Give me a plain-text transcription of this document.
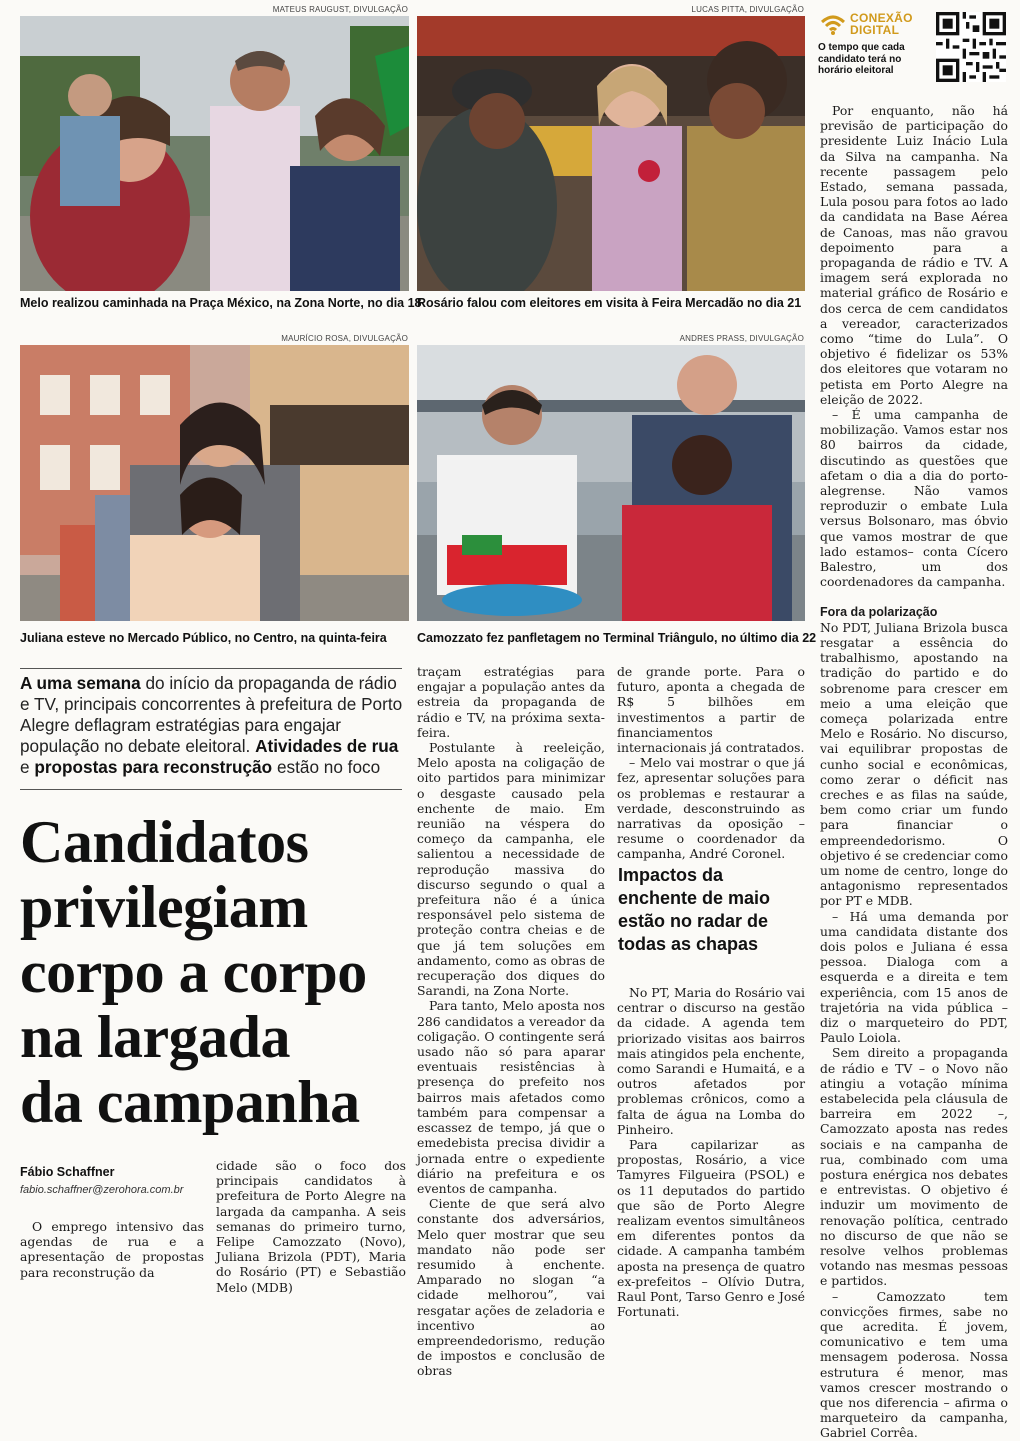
MATEUS RAUGUST, DIVULGAÇÃO
Melo realizou caminhada na Praça México, na Zona Norte, no dia 18
LUCAS PITTA, DIVULGAÇÃO
Rosário falou com eleitores em visita à Feira Mercadão no dia 21
MAURÍCIO ROSA, DIVULGAÇÃO
Juliana esteve no Mercado Público, no Centro, na quinta-feira
ANDRES PRASS, DIVULGAÇÃO
Camozzato fez panfletagem no Terminal Triângulo, no último dia 22
CONEXÃO
DIGITAL
O tempo que cada candidato terá no horário eleitoral

Por enquanto, não há previsão de participação do presidente Luiz Inácio Lula da Silva na campanha. Na recente passagem pelo Estado, semana passada, Lula posou para fotos ao lado da candidata na Base Aérea de Canoas, mas não gravou depoimento para a propaganda de rádio e TV. A imagem será explorada no material gráfico de Rosário e dos cerca de cem candidatos a vereador, caracterizados como “time do Lula”. O objetivo é fidelizar os 53% dos eleitores que votaram no petista em Porto Alegre na eleição de 2022.

– É uma campanha de mobilização. Vamos estar nos 80 bairros da cidade, discutindo as questões que afetam o dia a dia do porto-alegrense. Não vamos reproduzir o embate Lula versus Bolsonaro, mas óbvio que vamos mostrar de que lado estamos– conta Cícero Balestro, um dos coordenadores da campanha.

Fora da polarização

No PDT, Juliana Brizola busca resgatar a essência do trabalhismo, apostando na tradição do partido e do sobrenome para crescer em meio a uma eleição que começa polarizada entre Melo e Rosário. No discurso, vai equilibrar propostas de cunho social e econômicas, como zerar o déficit nas creches e as filas na saúde, bem como criar um fundo para financiar o empreendedorismo. O objetivo é se credenciar como um nome de centro, longe do antagonismo representados por PT e MDB.

– Há uma demanda por uma candidata distante dos dois polos e Juliana é essa pessoa. Dialoga com a esquerda e a direita e tem experiência, com 15 anos de trajetória na vida pública – diz o marqueteiro do PDT, Paulo Loiola.

Sem direito a propaganda de rádio e TV – o Novo não atingiu a votação mínima estabelecida pela cláusula de barreira em 2022 –, Camozzato aposta nas redes sociais e na campanha de rua, combinado com uma postura enérgica nos debates e entrevistas. O objetivo é induzir um movimento de renovação política, centrado no discurso de que não se resolve velhos problemas votando nas mesmas pessoas e partidos.

– Camozzato tem convicções firmes, sabe no que acredita. É jovem, comunicativo e tem uma mensagem poderosa. Nossa estrutura é menor, mas vamos crescer mostrando o que nos diferencia – afirma o marqueteiro da campanha, Gabriel Corrêa.

A uma semana do início da propaganda de rádio e TV, principais concorrentes à prefeitura de Porto Alegre deflagram estratégias para engajar população no debate eleitoral. Atividades de rua e propostas para reconstrução estão no foco
Candidatos
privilegiam
corpo a corpo
na largada
da campanha
Fábio Schaffner
fabio.schaffner@zerohora.com.br

O emprego intensivo das agendas de rua e a apresentação de propostas para reconstrução da

cidade são o foco dos principais candidatos à prefeitura de Porto Alegre na largada da campanha. A seis semanas do primeiro turno, Felipe Camozzato (Novo), Juliana Brizola (PDT), Maria do Rosário (PT) e Sebastião Melo (MDB)

traçam estratégias para engajar a população antes da estreia da propaganda de rádio e TV, na próxima sexta-feira.

Postulante à reeleição, Melo aposta na coligação de oito partidos para minimizar o desgaste causado pela enchente de maio. Em reunião na véspera do começo da campanha, ele salientou a necessidade de reprodução massiva do discurso segundo o qual a prefeitura não é a única responsável pelo sistema de proteção contra cheias e de que já tem soluções em andamento, como as obras de recuperação dos diques do Sarandi, na Zona Norte.

Para tanto, Melo aposta nos 286 candidatos a vereador da coligação. O contingente será usado não só para aparar eventuais resistências à presença do prefeito nos bairros mais afetados como também para compensar a escassez de tempo, já que o emedebista precisa dividir a jornada entre o expediente diário na prefeitura e os eventos de campanha.

Ciente de que será alvo constante dos adversários, Melo quer mostrar que seu mandato não pode ser resumido à enchente. Amparado no slogan “a cidade melhorou”, vai resgatar ações de zeladoria e incentivo ao empreendedorismo, redução de impostos e conclusão de obras

de grande porte. Para o futuro, aponta a chegada de R$ 5 bilhões em investimentos a partir de financiamentos internacionais já contratados.

– Melo vai mostrar o que já fez, apresentar soluções para os problemas e restaurar a verdade, desconstruindo as narrativas da oposição – resume o coordenador da campanha, André Coronel.

Impactos da enchente de maio estão no radar de todas as chapas

No PT, Maria do Rosário vai centrar o discurso na gestão da cidade. A agenda tem priorizado visitas aos bairros mais atingidos pela enchente, como Sarandi e Humaitá, e a outros afetados por problemas crônicos, como a falta de água na Lomba do Pinheiro.

Para capilarizar as propostas, Rosário, a vice Tamyres Filgueira (PSOL) e os 11 deputados do partido que são de Porto Alegre realizam eventos simultâneos em diferentes pontos da cidade. A campanha também aposta na presença de quatro ex-prefeitos – Olívio Dutra, Raul Pont, Tarso Genro e José Fortunati.
